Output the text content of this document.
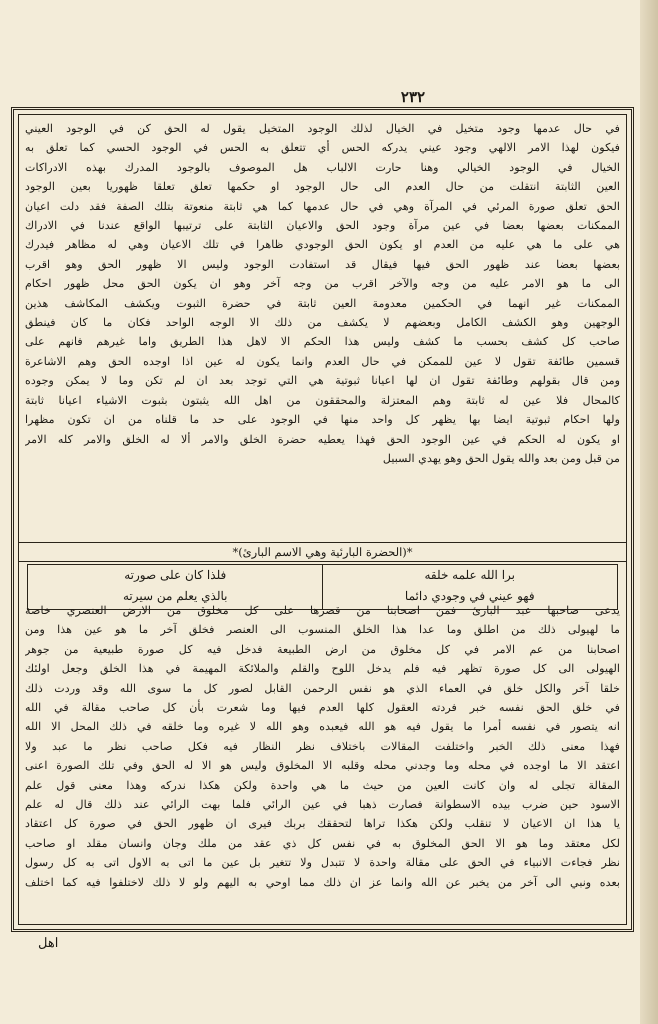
٢٣٢
في حال عدمها وجود متخيل في الخيال لذلك الوجود المتخيل يقول له الحق كن في الوجود العيني
فيكون لهذا الامر الالهي وجود عيني يدركه الحس أي تتعلق به الحس في الوجود الحسي كما تعلق به
الخيال في الوجود الخيالي وهنا حارت الالباب هل الموصوف بالوجود المدرك بهذه الادراكات
العين الثابتة انتقلت من حال العدم الى حال الوجود او حكمها تعلق تعلقا ظهوريا بعين الوجود
الحق تعلق صورة المرئي في المرآة وهي في حال عدمها كما هي ثابتة منعوتة بتلك الصفة فقد دلت اعيان
الممكنات بعضها بعضا في عين مرآة وجود الحق والاعيان الثابتة على ترتيبها الواقع عندنا في الادراك
هي على ما هي عليه من العدم او يكون الحق الوجودي ظاهرا في تلك الاعيان وهي له مظاهر فيدرك
بعضها بعضا عند ظهور الحق فيها فيقال قد استفادت الوجود وليس الا ظهور الحق وهو اقرب
الى ما هو الامر عليه من وجه والآخر اقرب من وجه آخر وهو ان يكون الحق محل ظهور احكام
الممكنات غير انهما في الحكمين معدومة العين ثابتة في حضرة الثبوت ويكشف المكاشف هذين
الوجهين وهو الكشف الكامل وبعضهم لا يكشف من ذلك الا الوجه الواحد فكان ما كان فينطق
صاحب كل كشف بحسب ما كشف وليس هذا الحكم الا لاهل هذا الطريق واما غيرهم فانهم على
قسمين طائفة تقول لا عين للممكن في حال العدم وانما يكون له عين اذا اوجده الحق وهم الاشاعرة
ومن قال بقولهم وطائفة تقول ان لها اعيانا ثبوتية هي التي توجد بعد ان لم تكن وما لا يمكن وجوده
كالمحال فلا عين له ثابتة وهم المعتزلة والمحققون من اهل الله يثبتون بثبوت الاشياء اعيانا ثابتة
ولها احكام ثبوتية ايضا بها يظهر كل واحد منها في الوجود على حد ما قلناه من ان تكون مظهرا
او يكون له الحكم في عين الوجود الحق فهذا يعطيه حضرة الخلق والامر ألا له الخلق والامر كله الامر
من قبل ومن بعد والله يقول الحق وهو يهدي السبيل
*(الحضرة البارئية وهي الاسم البارئ)*
برا الله علمه خلقه
فهو عيني في وجودي دائما
فلذا كان على صورته
بالذي يعلم من سيرته
يدعى صاحبها عبد البارئ فمن اصحابنا من قصرها على كل مخلوق من الارض العنصري خاصة
ما لهيولى ذلك من اطلق وما عدا هذا الخلق المنسوب الى العنصر فخلق آخر ما هو عين هذا ومن
اصحابنا من عم الامر في كل مخلوق من ارض الطبيعة فدخل فيه كل صورة طبيعية من جوهر
الهيولى الى كل صورة تظهر فيه فلم يدخل اللوح والقلم والملائكة المهيمة في هذا الخلق وجعل اولئك
خلقا آخر والكل خلق في العماء الذي هو نفس الرحمن القابل لصور كل ما سوى الله وقد وردت ذلك
في خلق الحق نفسه خبر فردته العقول كلها العدم فيها وما شعرت بأن كل صاحب مقالة في الله
انه يتصور في نفسه أمرا ما يقول فيه هو الله فيعبده وهو الله لا غيره وما خلقه في ذلك المحل الا الله
فهذا معنى ذلك الخبر واختلفت المقالات باختلاف نظر النظار فيه فكل صاحب نظر ما عبد ولا
اعتقد الا ما اوجده في محله وما وجدني محله وقلبه الا المخلوق وليس هو الا له الحق وفي تلك الصورة اعنى
المقالة تجلى له وان كانت العين من حيث ما هي واحدة ولكن هكذا ندركه وهذا معنى قول علم
الاسود حين ضرب بيده الاسطوانة فصارت ذهبا في عين الرائي فلما بهت الرائي عند ذلك قال له علم
يا هذا ان الاعيان لا تنقلب ولكن هكذا تراها لتحققك بربك فيرى ان ظهور الحق في صورة كل اعتقاد
لكل معتقد وما هو الا الحق المخلوق به في نفس كل ذي عقد من ملك وجان وانسان مقلد او صاحب
نظر فجاءت الانبياء في الحق على مقالة واحدة لا تتبدل ولا تتغير بل عين ما اتى به الاول اتى به كل رسول
بعده ونبي الى آخر من يخبر عن الله وانما عز ان ذلك مما اوحي به اليهم ولو لا ذلك لاختلفوا فيه كما اختلف
اهل
